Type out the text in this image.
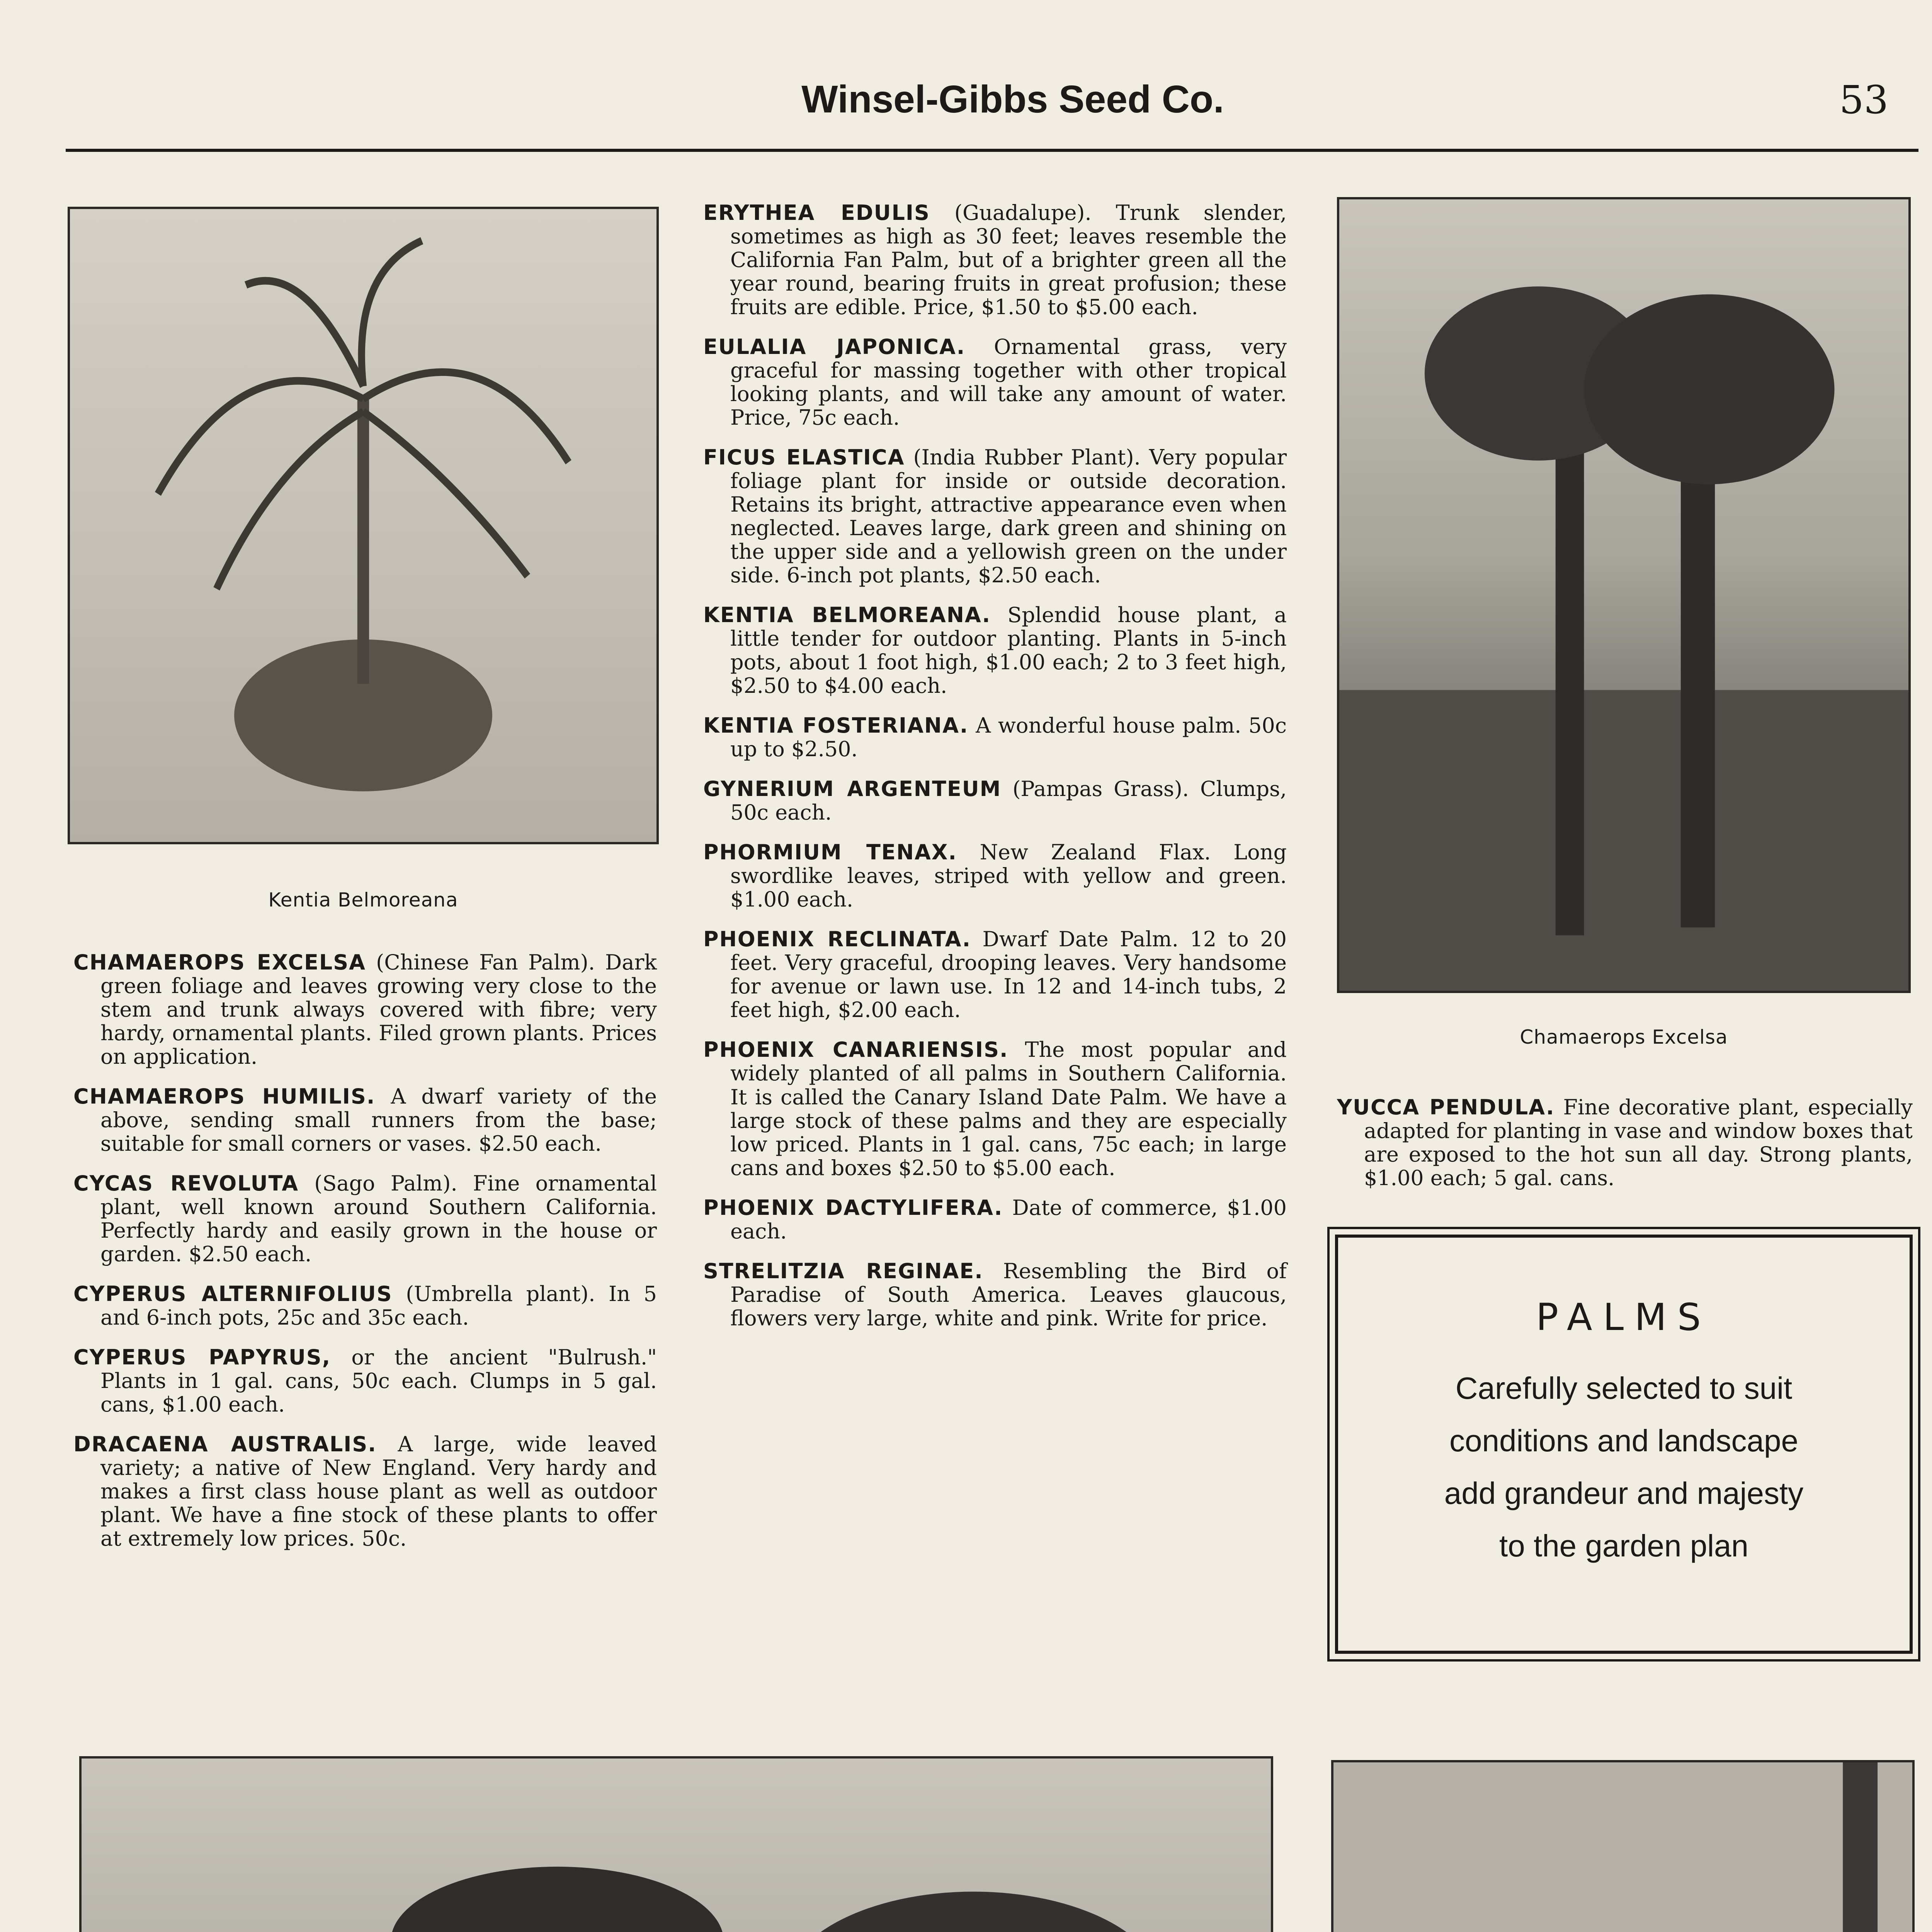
Winsel-Gibbs Seed Co.	53
Kentia Belmoreana

CHAMAEROPS EXCELSA (Chinese Fan Palm). Dark green foliage and leaves growing very close to the stem and trunk always covered with fibre; very hardy, ornamental plants. Filed grown plants. Prices on application.

CHAMAEROPS HUMILIS. A dwarf variety of the above, sending small runners from the base; suitable for small corners or vases. $2.50 each.

CYCAS REVOLUTA (Sago Palm). Fine ornamental plant, well known around Southern California. Perfectly hardy and easily grown in the house or garden. $2.50 each.

CYPERUS ALTERNIFOLIUS (Umbrella plant). In 5 and 6-inch pots, 25c and 35c each.

CYPERUS PAPYRUS, or the ancient "Bulrush." Plants in 1 gal. cans, 50c each. Clumps in 5 gal. cans, $1.00 each.

DRACAENA AUSTRALIS. A large, wide leaved variety; a native of New England. Very hardy and makes a first class house plant as well as outdoor plant. We have a fine stock of these plants to offer at extremely low prices. 50c.

ERYTHEA EDULIS (Guadalupe). Trunk slender, sometimes as high as 30 feet; leaves resemble the California Fan Palm, but of a brighter green all the year round, bearing fruits in great profusion; these fruits are edible. Price, $1.50 to $5.00 each.

EULALIA JAPONICA. Ornamental grass, very graceful for massing together with other tropical looking plants, and will take any amount of water. Price, 75c each.

FICUS ELASTICA (India Rubber Plant). Very popular foliage plant for inside or outside decoration. Retains its bright, attractive appearance even when neglected. Leaves large, dark green and shining on the upper side and a yellowish green on the under side. 6-inch pot plants, $2.50 each.

KENTIA BELMOREANA. Splendid house plant, a little tender for outdoor planting. Plants in 5-inch pots, about 1 foot high, $1.00 each; 2 to 3 feet high, $2.50 to $4.00 each.

KENTIA FOSTERIANA. A wonderful house palm. 50c up to $2.50.

GYNERIUM ARGENTEUM (Pampas Grass). Clumps, 50c each.

PHORMIUM TENAX. New Zealand Flax. Long swordlike leaves, striped with yellow and green. $1.00 each.

PHOENIX RECLINATA. Dwarf Date Palm. 12 to 20 feet. Very graceful, drooping leaves. Very handsome for avenue or lawn use. In 12 and 14-inch tubs, 2 feet high, $2.00 each.

PHOENIX CANARIENSIS. The most popular and widely planted of all palms in Southern California. It is called the Canary Island Date Palm. We have a large stock of these palms and they are especially low priced. Plants in 1 gal. cans, 75c each; in large cans and boxes $2.50 to $5.00 each.

PHOENIX DACTYLIFERA. Date of commerce, $1.00 each.

STRELITZIA REGINAE. Resembling the Bird of Paradise of South America. Leaves glaucous, flowers very large, white and pink. Write for price.

Chamaerops Excelsa

YUCCA PENDULA. Fine decorative plant, especially adapted for planting in vase and window boxes that are exposed to the hot sun all day. Strong plants, $1.00 each; 5 gal. cans.

PALMS
Carefully selected to suit
conditions and landscape
add grandeur and majesty
to the garden plan
